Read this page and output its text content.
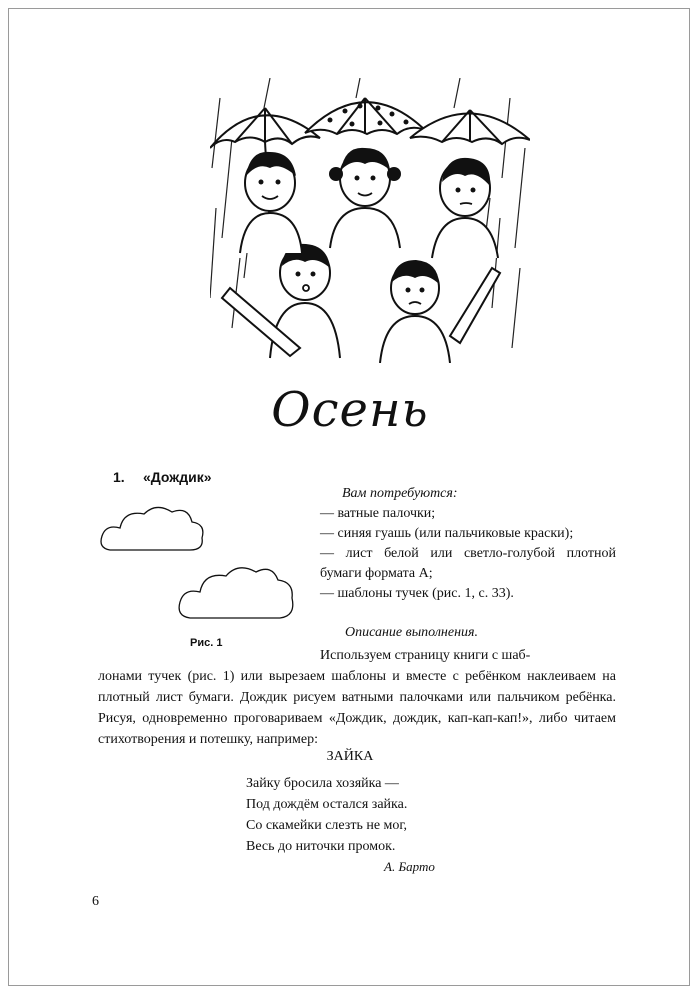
Осень
1. «Дождик»
Рис. 1
Вам потребуются:
— ватные палочки;
— синяя гуашь (или пальчиковые краски);
— лист белой или светло-голубой плотной бумаги формата А;
— шаблоны тучек (рис. 1, с. 33).
Описание выполнения.
Используем страницу книги с шаб-
лонами тучек (рис. 1) или вырезаем шаблоны и вместе с ребёнком наклеиваем на плотный лист бумаги. Дождик рисуем ватными палочками или пальчиком ребёнка. Рисуя, одновременно проговариваем «Дождик, дождик, кап-кап-кап!», либо читаем стихотворения и потешку, например:
ЗАЙКА
Зайку бросила хозяйка —
Под дождём остался зайка.
Со скамейки слезть не мог,
Весь до ниточки промок.
А. Барто
6
